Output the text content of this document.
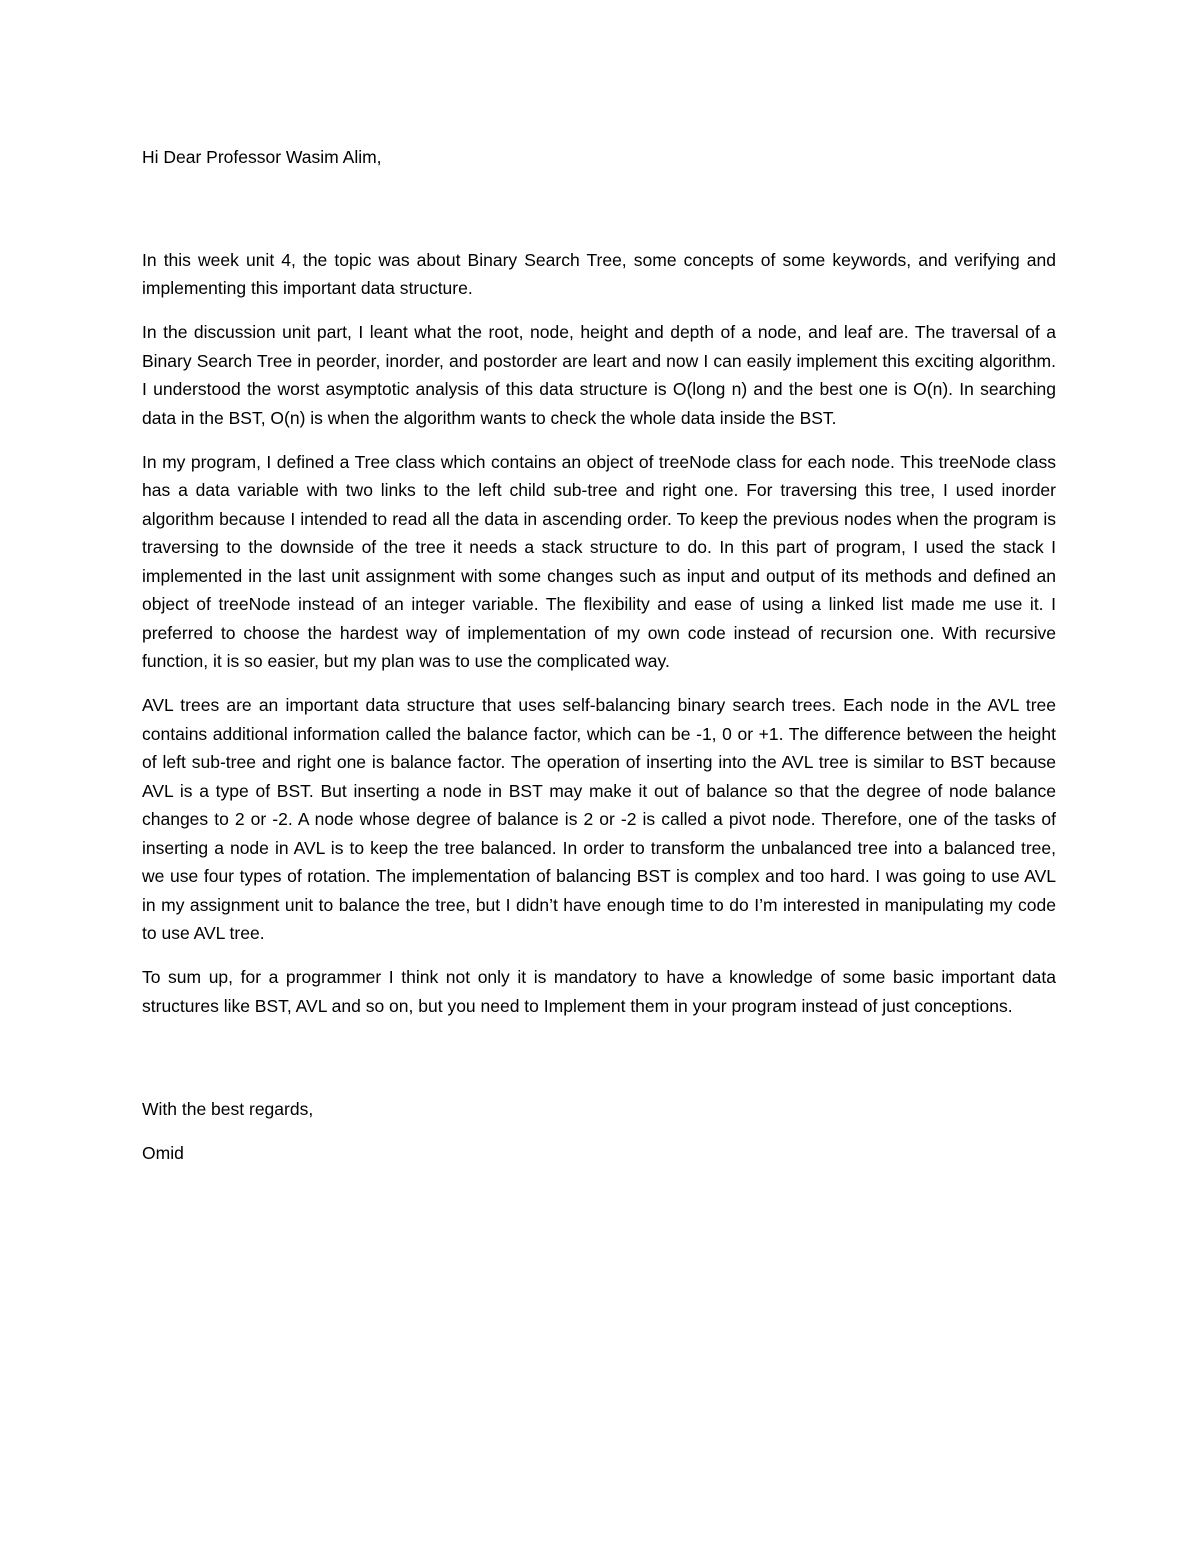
Hi Dear Professor Wasim Alim,

In this week unit 4, the topic was about Binary Search Tree, some concepts of some keywords, and verifying and implementing this important data structure.

In the discussion unit part, I leant what the root, node, height and depth of a node, and leaf are. The traversal of a Binary Search Tree in peorder, inorder, and postorder are leart and now I can easily implement this exciting algorithm. I understood the worst asymptotic analysis of this data structure is O(long n) and the best one is O(n). In searching data in the BST, O(n) is when the algorithm wants to check the whole data inside the BST.

In my program, I defined a Tree class which contains an object of treeNode class for each node. This treeNode class has a data variable with two links to the left child sub-tree and right one. For traversing this tree, I used inorder algorithm because I intended to read all the data in ascending order. To keep the previous nodes when the program is traversing to the downside of the tree it needs a stack structure to do. In this part of program, I used the stack I implemented in the last unit assignment with some changes such as input and output of its methods and defined an object of treeNode instead of an integer variable. The flexibility and ease of using a linked list made me use it. I preferred to choose the hardest way of implementation of my own code instead of recursion one. With recursive function, it is so easier, but my plan was to use the complicated way.

AVL trees are an important data structure that uses self-balancing binary search trees. Each node in the AVL tree contains additional information called the balance factor, which can be -1, 0 or +1. The difference between the height of left sub-tree and right one is balance factor. The operation of inserting into the AVL tree is similar to BST because AVL is a type of BST. But inserting a node in BST may make it out of balance so that the degree of node balance changes to 2 or -2. A node whose degree of balance is 2 or -2 is called a pivot node. Therefore, one of the tasks of inserting a node in AVL is to keep the tree balanced. In order to transform the unbalanced tree into a balanced tree, we use four types of rotation. The implementation of balancing BST is complex and too hard. I was going to use AVL in my assignment unit to balance the tree, but I didn’t have enough time to do I’m interested in manipulating my code to use AVL tree.

To sum up, for a programmer I think not only it is mandatory to have a knowledge of some basic important data structures like BST, AVL and so on, but you need to Implement them in your program instead of just conceptions.

With the best regards,

Omid
